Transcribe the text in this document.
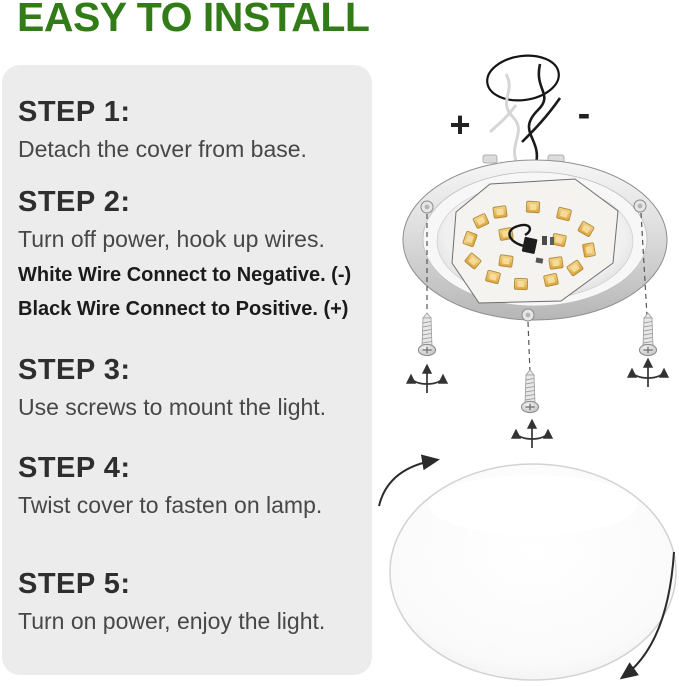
EASY TO INSTALL
STEP 1:

Detach the cover from base.

STEP 2:

Turn off power, hook up wires.

White Wire Connect to Negative. (-)

Black Wire Connect to Positive. (+)

STEP 3:

Use screws to mount the light.

STEP 4:

Twist cover to fasten on lamp.

STEP 5:

Turn on power, enjoy the light.

+	-
